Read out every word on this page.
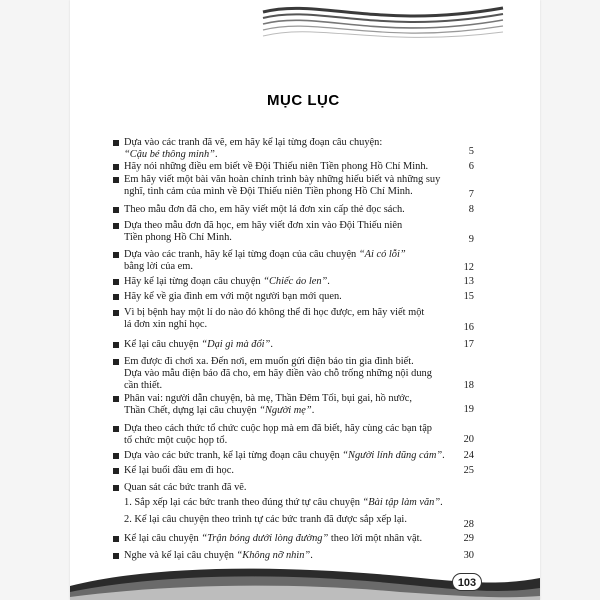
MỤC LỤC
Dựa vào các tranh đã vẽ, em hãy kể lại từng đoạn câu chuyện:
“Cậu bé thông minh”.	5
Hãy nói những điều em biết về Đội Thiếu niên Tiền phong Hồ Chí Minh.	6
Em hãy viết một bài văn hoàn chỉnh trình bày những hiểu biết và những suy
nghĩ, tình cảm của mình về Đội Thiếu niên Tiền phong Hồ Chí Minh.	7
Theo mẫu đơn đã cho, em hãy viết một lá đơn xin cấp thẻ đọc sách.	8
Dựa theo mẫu đơn đã học, em hãy viết đơn xin vào Đội Thiếu niên
Tiền phong Hồ Chí Minh.	9
Dựa vào các tranh, hãy kể lại từng đoạn của câu chuyện “Ai có lỗi”
bằng lời của em.	12
Hãy kể lại từng đoạn câu chuyện “Chiếc áo len”.	13
Hãy kể về gia đình em với một người bạn mới quen.	15
Vì bị bệnh hay một lí do nào đó không thể đi học được, em hãy viết một
lá đơn xin nghỉ học.	16
Kể lại câu chuyện “Dại gì mà đổi”.	17
Em được đi chơi xa. Đến nơi, em muốn gửi điện báo tin gia đình biết.
Dựa vào mẫu điện báo đã cho, em hãy điền vào chỗ trống những nội dung
cần thiết.	18
Phân vai: người dẫn chuyện, bà mẹ, Thần Đêm Tối, bụi gai, hồ nước,
Thần Chết, dựng lại câu chuyện “Người mẹ”.	19
Dựa theo cách thức tổ chức cuộc họp mà em đã biết, hãy cùng các bạn tập
tổ chức một cuộc họp tổ.	20
Dựa vào các bức tranh, kể lại từng đoạn câu chuyện “Người lính dũng cảm”.	24
Kể lại buổi đầu em đi học.	25
Quan sát các bức tranh đã vẽ.
1. Sắp xếp lại các bức tranh theo đúng thứ tự câu chuyện “Bài tập làm văn”.
2. Kể lại câu chuyện theo trình tự các bức tranh đã được sắp xếp lại.	28
Kể lại câu chuyện “Trận bóng dưới lòng đường” theo lời một nhân vật.	29
Nghe và kể lại câu chuyện “Không nỡ nhìn”.	30
103
